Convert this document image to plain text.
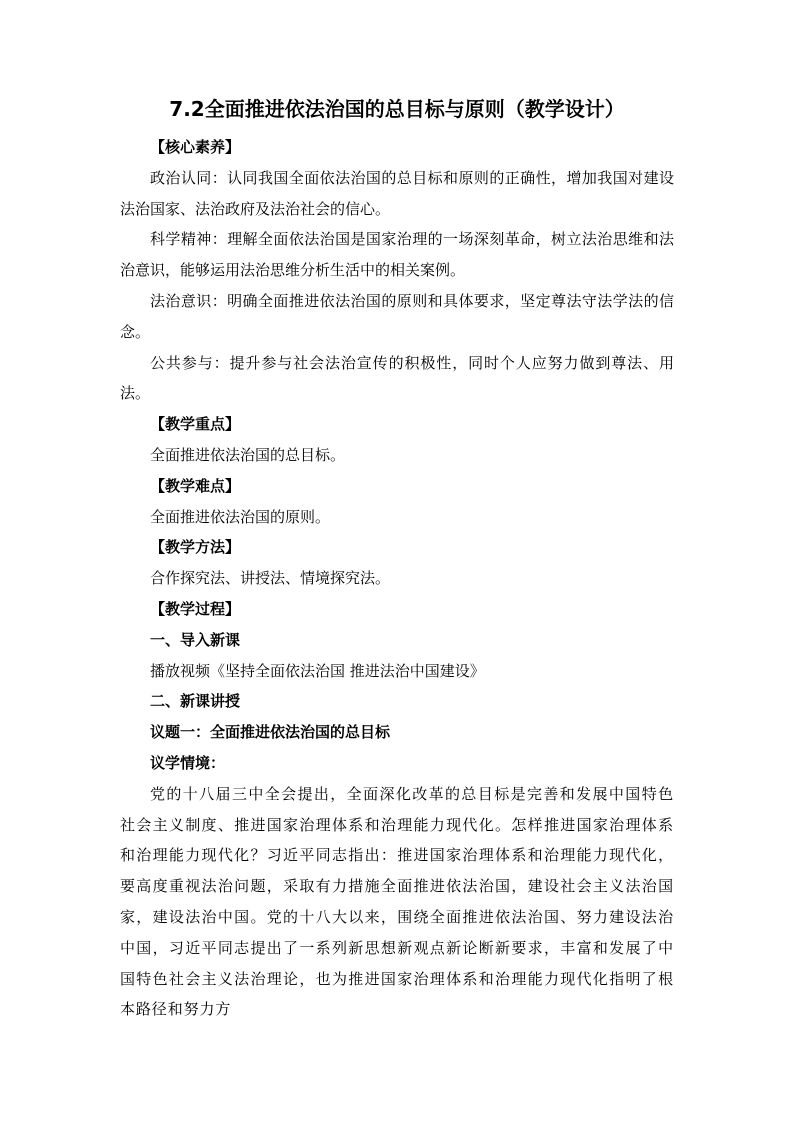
7.2全面推进依法治国的总目标与原则（教学设计）

【核心素养】

政治认同：认同我国全面依法治国的总目标和原则的正确性，增加我国对建设法治国家、法治政府及法治社会的信心。

科学精神：理解全面依法治国是国家治理的一场深刻革命，树立法治思维和法治意识，能够运用法治思维分析生活中的相关案例。

法治意识：明确全面推进依法治国的原则和具体要求，坚定尊法守法学法的信念。

公共参与：提升参与社会法治宣传的积极性，同时个人应努力做到尊法、用法。

【教学重点】

全面推进依法治国的总目标。

【教学难点】

全面推进依法治国的原则。

【教学方法】

合作探究法、讲授法、情境探究法。

【教学过程】

一、导入新课

播放视频《坚持全面依法治国 推进法治中国建设》

二、新课讲授

议题一：全面推进依法治国的总目标

议学情境：

党的十八届三中全会提出，全面深化改革的总目标是完善和发展中国特色社会主义制度、推进国家治理体系和治理能力现代化。怎样推进国家治理体系和治理能力现代化？习近平同志指出：推进国家治理体系和治理能力现代化，要高度重视法治问题，采取有力措施全面推进依法治国，建设社会主义法治国家，建设法治中国。党的十八大以来，围绕全面推进依法治国、努力建设法治中国，习近平同志提出了一系列新思想新观点新论断新要求，丰富和发展了中国特色社会主义法治理论，也为推进国家治理体系和治理能力现代化指明了根本路径和努力方
